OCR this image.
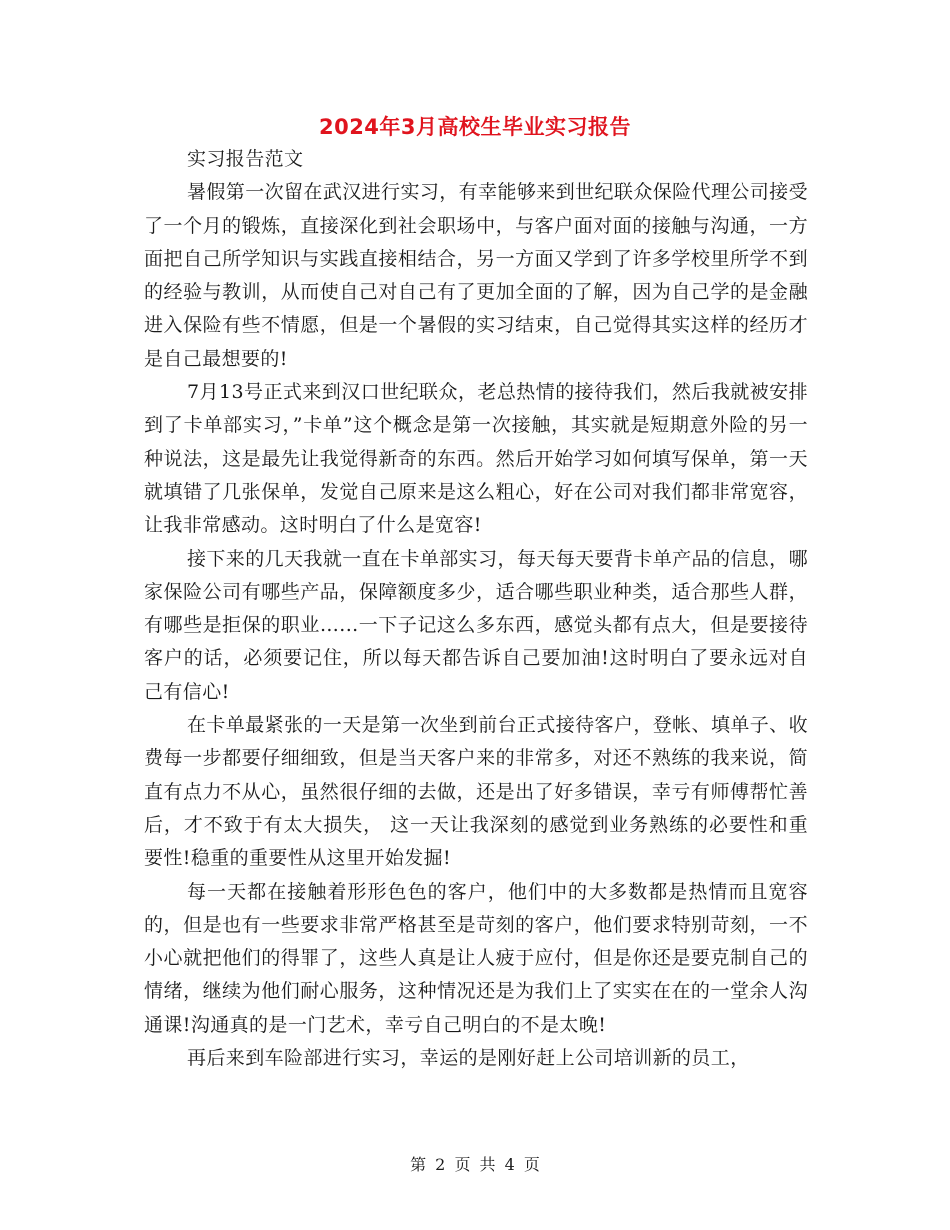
2024年3月高校生毕业实习报告

实习报告范文

暑假第一次留在武汉进行实习，有幸能够来到世纪联众保险代理公司接受了一个月的锻炼，直接深化到社会职场中，与客户面对面的接触与沟通，一方面把自己所学知识与实践直接相结合，另一方面又学到了许多学校里所学不到的经验与教训，从而使自己对自己有了更加全面的了解，因为自己学的是金融进入保险有些不情愿，但是一个暑假的实习结束，自己觉得其实这样的经历才是自己最想要的!

7月13号正式来到汉口世纪联众，老总热情的接待我们，然后我就被安排到了卡单部实习，”卡单”这个概念是第一次接触，其实就是短期意外险的另一种说法，这是最先让我觉得新奇的东西。然后开始学习如何填写保单，第一天就填错了几张保单，发觉自己原来是这么粗心，好在公司对我们都非常宽容，让我非常感动。这时明白了什么是宽容!

接下来的几天我就一直在卡单部实习，每天每天要背卡单产品的信息，哪家保险公司有哪些产品，保障额度多少，适合哪些职业种类，适合那些人群，有哪些是拒保的职业…...一下子记这么多东西，感觉头都有点大，但是要接待客户的话，必须要记住，所以每天都告诉自己要加油!这时明白了要永远对自己有信心!

在卡单最紧张的一天是第一次坐到前台正式接待客户，登帐、填单子、收费每一步都要仔细细致，但是当天客户来的非常多，对还不熟练的我来说，简直有点力不从心，虽然很仔细的去做，还是出了好多错误，幸亏有师傅帮忙善后，才不致于有太大损失， 这一天让我深刻的感觉到业务熟练的必要性和重要性!稳重的重要性从这里开始发掘!

每一天都在接触着形形色色的客户，他们中的大多数都是热情而且宽容的，但是也有一些要求非常严格甚至是苛刻的客户，他们要求特别苛刻，一不小心就把他们的得罪了，这些人真是让人疲于应付，但是你还是要克制自己的情绪，继续为他们耐心服务，这种情况还是为我们上了实实在在的一堂余人沟通课!沟通真的是一门艺术，幸亏自己明白的不是太晚!

再后来到车险部进行实习，幸运的是刚好赶上公司培训新的员工，

第 2 页 共 4 页
